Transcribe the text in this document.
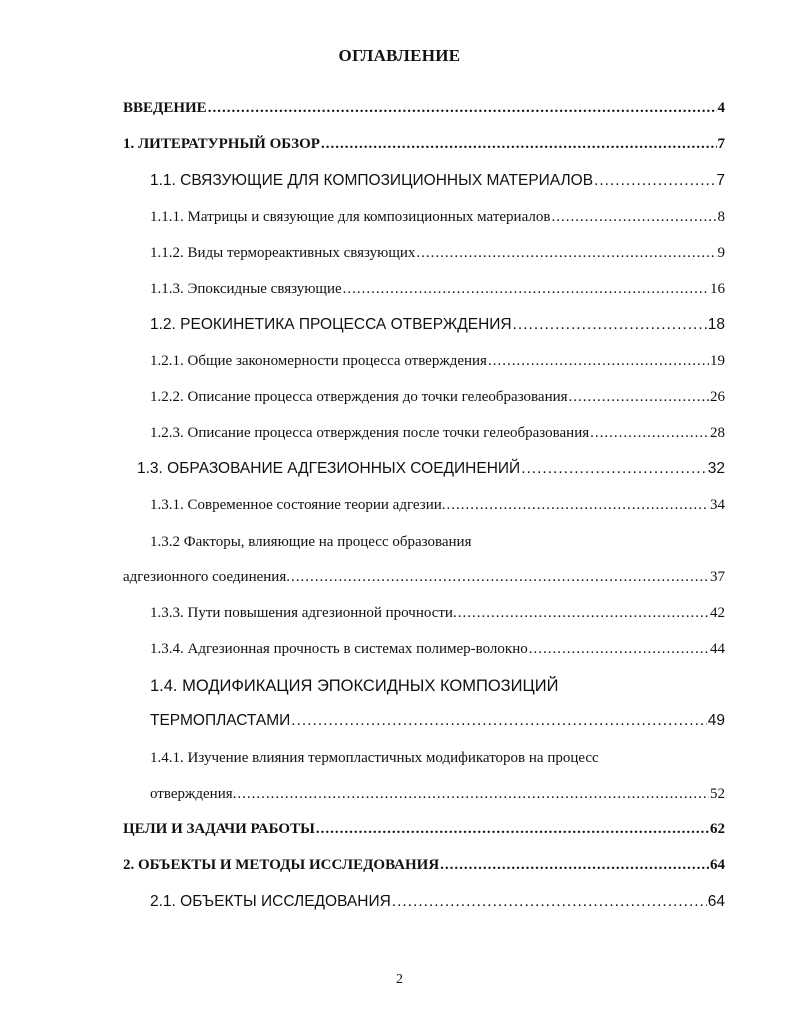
ОГЛАВЛЕНИЕ
ВВЕДЕНИЕ .....	4
1. ЛИТЕРАТУРНЫЙ ОБЗОР .....	7
1.1. СВЯЗУЮЩИЕ ДЛЯ КОМПОЗИЦИОННЫХ МАТЕРИАЛОВ .....	7
1.1.1. Матрицы и связующие для композиционных материалов .....	8
1.1.2. Виды термореактивных связующих .....	9
1.1.3. Эпоксидные связующие .....	16
1.2. РЕОКИНЕТИКА ПРОЦЕССА ОТВЕРЖДЕНИЯ .....	18
1.2.1. Общие закономерности процесса отверждения .....	19
1.2.2. Описание процесса отверждения до точки гелеобразования .....	26
1.2.3. Описание процесса отверждения после точки гелеобразования .....	28
1.3. ОБРАЗОВАНИЕ АДГЕЗИОННЫХ СОЕДИНЕНИЙ .....	32
1.3.1. Современное состояние теории адгезии. .....	34
1.3.2 Факторы, влияющие на процесс образования
адгезионного соединения. .....	37
1.3.3. Пути повышения адгезионной прочности. .....	42
1.3.4. Адгезионная прочность в системах полимер-волокно .....	44
1.4. МОДИФИКАЦИЯ ЭПОКСИДНЫХ КОМПОЗИЦИЙ
ТЕРМОПЛАСТАМИ .....	49
1.4.1. Изучение влияния термопластичных модификаторов на процесс
отверждения. .....	52
ЦЕЛИ И ЗАДАЧИ РАБОТЫ .....	62
2. ОБЪЕКТЫ И МЕТОДЫ ИССЛЕДОВАНИЯ .....	64
2.1. ОБЪЕКТЫ ИССЛЕДОВАНИЯ .....	64
2
